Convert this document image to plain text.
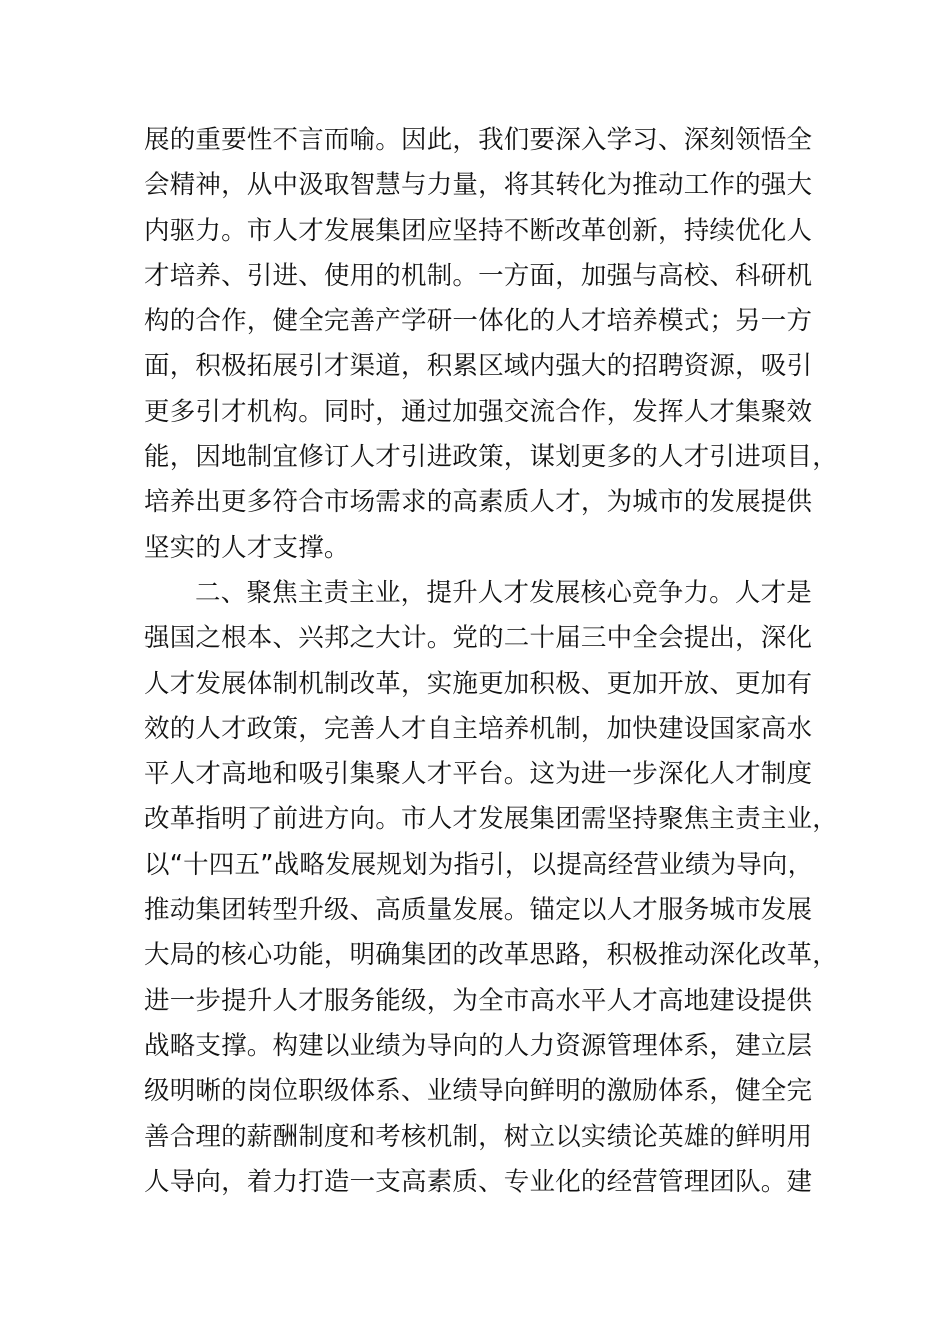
展的重要性不言而喻。因此，我们要深入学习、深刻领悟全
会精神，从中汲取智慧与力量，将其转化为推动工作的强大
内驱力。市人才发展集团应坚持不断改革创新，持续优化人
才培养、引进、使用的机制。一方面，加强与高校、科研机
构的合作，健全完善产学研一体化的人才培养模式；另一方
面，积极拓展引才渠道，积累区域内强大的招聘资源，吸引
更多引才机构。同时，通过加强交流合作，发挥人才集聚效
能，因地制宜修订人才引进政策，谋划更多的人才引进项目，
培养出更多符合市场需求的高素质人才，为城市的发展提供
坚实的人才支撑。
二、聚焦主责主业，提升人才发展核心竞争力。人才是
强国之根本、兴邦之大计。党的二十届三中全会提出，深化
人才发展体制机制改革，实施更加积极、更加开放、更加有
效的人才政策，完善人才自主培养机制，加快建设国家高水
平人才高地和吸引集聚人才平台。这为进一步深化人才制度
改革指明了前进方向。市人才发展集团需坚持聚焦主责主业，
以“十四五”战略发展规划为指引，以提高经营业绩为导向，
推动集团转型升级、高质量发展。锚定以人才服务城市发展
大局的核心功能，明确集团的改革思路，积极推动深化改革，
进一步提升人才服务能级，为全市高水平人才高地建设提供
战略支撑。构建以业绩为导向的人力资源管理体系，建立层
级明晰的岗位职级体系、业绩导向鲜明的激励体系，健全完
善合理的薪酬制度和考核机制，树立以实绩论英雄的鲜明用
人导向，着力打造一支高素质、专业化的经营管理团队。建
